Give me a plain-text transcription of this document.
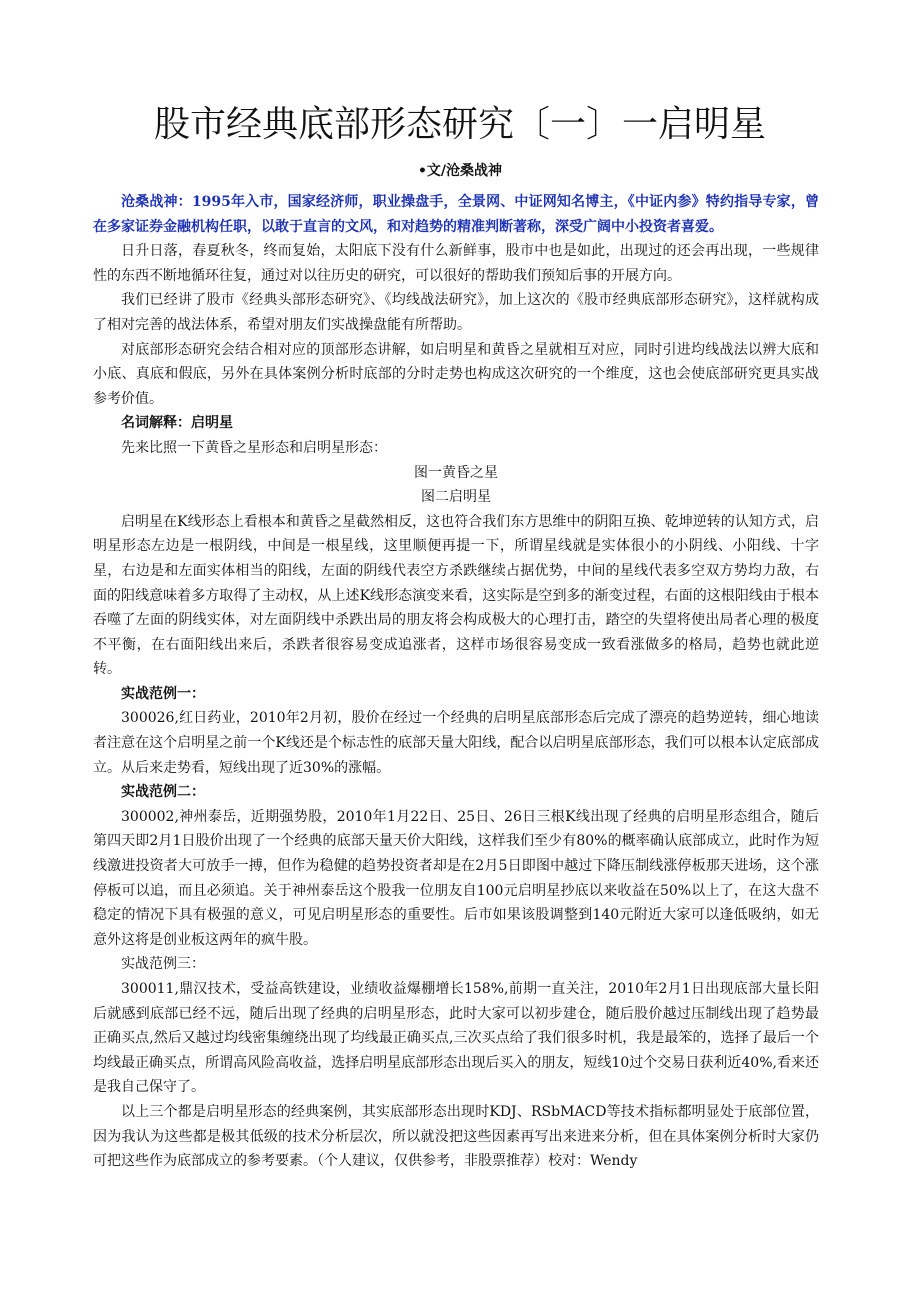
股市经典底部形态研究〔一〕一启明星
•文/沧桑战神

沧桑战神：1995年入市，国家经济师，职业操盘手，全景网、中证网知名博主，《中证内参》特约指导专家，曾在多家证券金融机构任职，以敢于直言的文风，和对趋势的精准判断著称，深受广阔中小投资者喜爱。

日升日落，春夏秋冬，终而复始，太阳底下没有什么新鲜事，股市中也是如此，出现过的还会再出现，一些规律性的东西不断地循环往复，通过对以往历史的研究，可以很好的帮助我们预知后事的开展方向。

我们已经讲了股市《经典头部形态研究》、《均线战法研究》，加上这次的《股市经典底部形态研究》，这样就构成了相对完善的战法体系，希望对朋友们实战操盘能有所帮助。

对底部形态研究会结合相对应的顶部形态讲解，如启明星和黄昏之星就相互对应，同时引进均线战法以辨大底和小底、真底和假底，另外在具体案例分析时底部的分时走势也构成这次研究的一个维度，这也会使底部研究更具实战参考价值。

名词解释：启明星

先来比照一下黄昏之星形态和启明星形态：

图一黄昏之星

图二启明星

启明星在K线形态上看根本和黄昏之星截然相反，这也符合我们东方思维中的阴阳互换、乾坤逆转的认知方式，启明星形态左边是一根阴线，中间是一根星线，这里顺便再提一下，所谓星线就是实体很小的小阴线、小阳线、十字星，右边是和左面实体相当的阳线，左面的阴线代表空方杀跌继续占据优势，中间的星线代表多空双方势均力敌，右面的阳线意味着多方取得了主动权，从上述K线形态演变来看，这实际是空到多的渐变过程，右面的这根阳线由于根本吞噬了左面的阴线实体，对左面阴线中杀跌出局的朋友将会构成极大的心理打击，踏空的失望将使出局者心理的极度不平衡，在右面阳线出来后，杀跌者很容易变成追涨者，这样市场很容易变成一致看涨做多的格局，趋势也就此逆转。

实战范例一：

300026,红日药业，2010年2月初，股价在经过一个经典的启明星底部形态后完成了漂亮的趋势逆转，细心地读者注意在这个启明星之前一个K线还是个标志性的底部天量大阳线，配合以启明星底部形态，我们可以根本认定底部成立。从后来走势看，短线出现了近30%的涨幅。

实战范例二：

300002,神州泰岳，近期强势股，2010年1月22日、25日、26日三根K线出现了经典的启明星形态组合，随后第四天即2月1日股价出现了一个经典的底部天量天价大阳线，这样我们至少有80%的概率确认底部成立，此时作为短线激进投资者大可放手一搏，但作为稳健的趋势投资者却是在2月5日即图中越过下降压制线涨停板那天进场，这个涨停板可以追，而且必须追。关于神州泰岳这个股我一位朋友自100元启明星抄底以来收益在50%以上了，在这大盘不稳定的情况下具有极强的意义，可见启明星形态的重要性。后市如果该股调整到140元附近大家可以逢低吸纳，如无意外这将是创业板这两年的疯牛股。

实战范例三：

300011,鼎汉技术，受益高铁建设，业绩收益爆棚增长158%,前期一直关注，2010年2月1日出现底部大量长阳后就感到底部已经不远，随后出现了经典的启明星形态，此时大家可以初步建仓，随后股价越过压制线出现了趋势最正确买点,然后又越过均线密集缠绕出现了均线最正确买点,三次买点给了我们很多时机，我是最笨的，选择了最后一个均线最正确买点，所谓高风险高收益，选择启明星底部形态出现后买入的朋友，短线10过个交易日获利近40%,看来还是我自己保守了。

以上三个都是启明星形态的经典案例，其实底部形态出现时KDJ、RSbMACD等技术指标都明显处于底部位置，因为我认为这些都是极其低级的技术分析层次，所以就没把这些因素再写出来进来分析，但在具体案例分析时大家仍可把这些作为底部成立的参考要素。（个人建议，仅供参考，非股票推荐）校对：Wendy
